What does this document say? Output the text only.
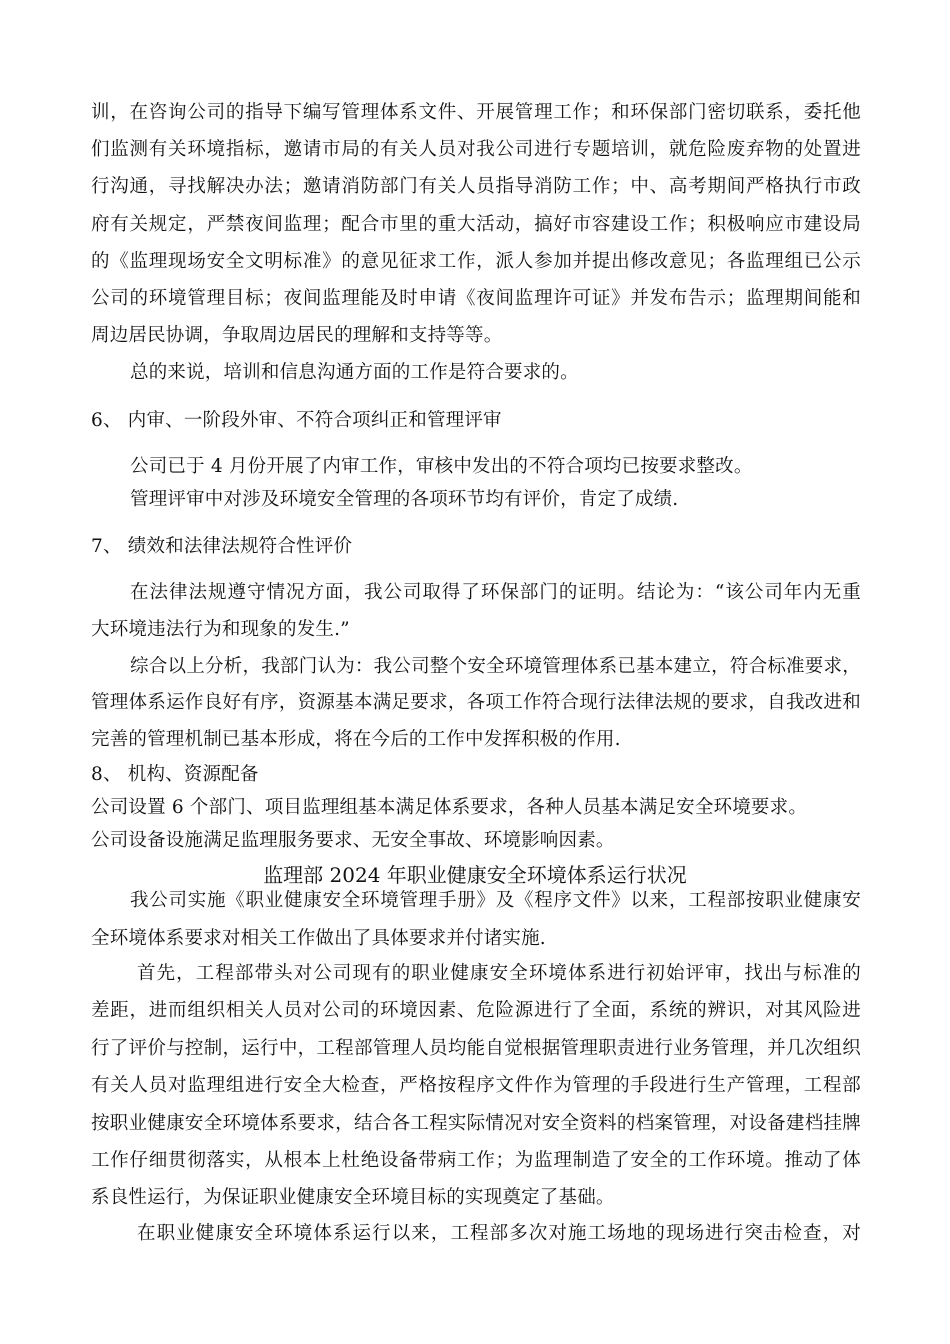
训，在咨询公司的指导下编写管理体系文件、开展管理工作；和环保部门密切联系，委托他
们监测有关环境指标，邀请市局的有关人员对我公司进行专题培训，就危险废弃物的处置进
行沟通，寻找解决办法；邀请消防部门有关人员指导消防工作；中、高考期间严格执行市政
府有关规定，严禁夜间监理；配合市里的重大活动，搞好市容建设工作；积极响应市建设局
的《监理现场安全文明标准》的意见征求工作，派人参加并提出修改意见；各监理组已公示
公司的环境管理目标；夜间监理能及时申请《夜间监理许可证》并发布告示；监理期间能和
周边居民协调，争取周边居民的理解和支持等等。
总的来说，培训和信息沟通方面的工作是符合要求的。
6、 内审、一阶段外审、不符合项纠正和管理评审
公司已于 4 月份开展了内审工作，审核中发出的不符合项均已按要求整改。
管理评审中对涉及环境安全管理的各项环节均有评价，肯定了成绩.
7、 绩效和法律法规符合性评价
在法律法规遵守情况方面，我公司取得了环保部门的证明。结论为：“该公司年内无重
大环境违法行为和现象的发生.”
综合以上分析，我部门认为：我公司整个安全环境管理体系已基本建立，符合标准要求，
管理体系运作良好有序，资源基本满足要求，各项工作符合现行法律法规的要求，自我改进和
完善的管理机制已基本形成，将在今后的工作中发挥积极的作用.
8、 机构、资源配备
公司设置 6 个部门、项目监理组基本满足体系要求，各种人员基本满足安全环境要求。
公司设备设施满足监理服务要求、无安全事故、环境影响因素。
监理部 2024 年职业健康安全环境体系运行状况
我公司实施《职业健康安全环境管理手册》及《程序文件》以来，工程部按职业健康安
全环境体系要求对相关工作做出了具体要求并付诸实施.
首先，工程部带头对公司现有的职业健康安全环境体系进行初始评审，找出与标准的
差距，进而组织相关人员对公司的环境因素、危险源进行了全面，系统的辨识，对其风险进
行了评价与控制，运行中，工程部管理人员均能自觉根据管理职责进行业务管理，并几次组织
有关人员对监理组进行安全大检查，严格按程序文件作为管理的手段进行生产管理，工程部
按职业健康安全环境体系要求，结合各工程实际情况对安全资料的档案管理，对设备建档挂牌
工作仔细贯彻落实，从根本上杜绝设备带病工作；为监理制造了安全的工作环境。推动了体
系良性运行，为保证职业健康安全环境目标的实现奠定了基础。
在职业健康安全环境体系运行以来，工程部多次对施工场地的现场进行突击检查，对
